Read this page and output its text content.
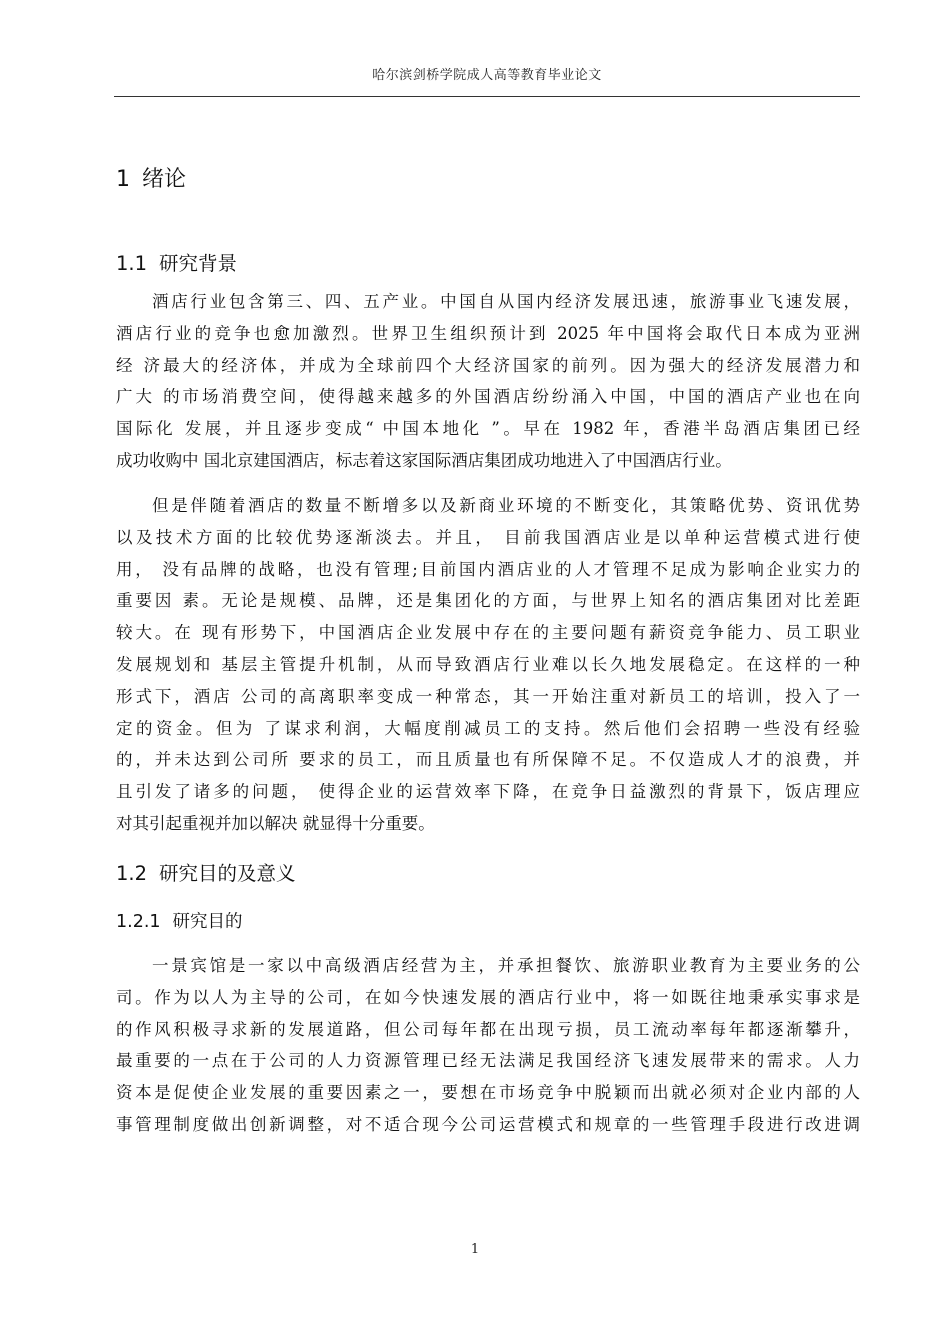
哈尔滨剑桥学院成人高等教育毕业论文
1 绪论
1.1 研究背景
酒店行业包含第三、四、五产业。中国自从国内经济发展迅速，旅游事业飞速发展，
酒店行业的竞争也愈加激烈。世界卫生组织预计到 2025 年中国将会取代日本成为亚洲
经 济最大的经济体，并成为全球前四个大经济国家的前列。因为强大的经济发展潜力和
广大 的市场消费空间，使得越来越多的外国酒店纷纷涌入中国，中国的酒店产业也在向
国际化 发展，并且逐步变成“ 中国本地化 ”。早在 1982 年，香港半岛酒店集团已经
成功收购中 国北京建国酒店，标志着这家国际酒店集团成功地进入了中国酒店行业。
但是伴随着酒店的数量不断增多以及新商业环境的不断变化，其策略优势、资讯优势
以及技术方面的比较优势逐渐淡去。并且， 目前我国酒店业是以单种运营模式进行使
用， 没有品牌的战略，也没有管理;目前国内酒店业的人才管理不足成为影响企业实力的
重要因 素。无论是规模、品牌，还是集团化的方面，与世界上知名的酒店集团对比差距
较大。在 现有形势下，中国酒店企业发展中存在的主要问题有薪资竞争能力、员工职业
发展规划和 基层主管提升机制，从而导致酒店行业难以长久地发展稳定。在这样的一种
形式下，酒店 公司的高离职率变成一种常态，其一开始注重对新员工的培训，投入了一
定的资金。但为 了谋求利润，大幅度削减员工的支持。然后他们会招聘一些没有经验
的，并未达到公司所 要求的员工，而且质量也有所保障不足。不仅造成人才的浪费，并
且引发了诸多的问题， 使得企业的运营效率下降，在竞争日益激烈的背景下，饭店理应
对其引起重视并加以解决 就显得十分重要。
1.2 研究目的及意义
1.2.1 研究目的
一景宾馆是一家以中高级酒店经营为主，并承担餐饮、旅游职业教育为主要业务的公
司。作为以人为主导的公司，在如今快速发展的酒店行业中，将一如既往地秉承实事求是
的作风积极寻求新的发展道路，但公司每年都在出现亏损，员工流动率每年都逐渐攀升，
最重要的一点在于公司的人力资源管理已经无法满足我国经济飞速发展带来的需求。人力
资本是促使企业发展的重要因素之一，要想在市场竞争中脱颖而出就必须对企业内部的人
事管理制度做出创新调整，对不适合现今公司运营模式和规章的一些管理手段进行改进调
1
